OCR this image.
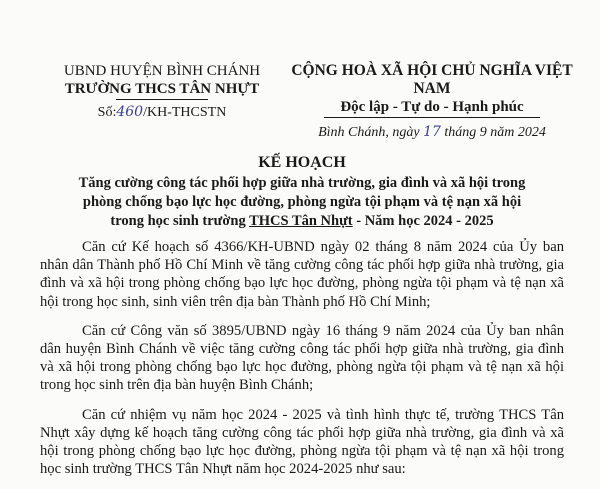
UBND HUYỆN BÌNH CHÁNH
TRƯỜNG THCS TÂN NHỰT
Số:460/KH-THCSTN
CỘNG HOÀ XÃ HỘI CHỦ NGHĨA VIỆT NAM
Độc lập - Tự do - Hạnh phúc
Bình Chánh, ngày 17 tháng 9 năm 2024
KẾ HOẠCH
Tăng cường công tác phối hợp giữa nhà trường, gia đình và xã hội trong
phòng chống bạo lực học đường, phòng ngừa tội phạm và tệ nạn xã hội
trong học sinh trường THCS Tân Nhựt - Năm học 2024 - 2025

Căn cứ Kế hoạch số 4366/KH-UBND ngày 02 tháng 8 năm 2024 của Ủy ban nhân dân Thành phố Hồ Chí Minh về tăng cường công tác phối hợp giữa nhà trường, gia đình và xã hội trong phòng chống bạo lực học đường, phòng ngừa tội phạm và tệ nạn xã hội trong học sinh, sinh viên trên địa bàn Thành phố Hồ Chí Minh;

Căn cứ Công văn số 3895/UBND ngày 16 tháng 9 năm 2024 của Ủy ban nhân dân huyện Bình Chánh về việc tăng cường công tác phối hợp giữa nhà trường, gia đình và xã hội trong phòng chống bạo lực học đường, phòng ngừa tội phạm và tệ nạn xã hội trong học sinh trên địa bàn huyện Bình Chánh;

Căn cứ nhiệm vụ năm học 2024 - 2025 và tình hình thực tế, trường THCS Tân Nhựt xây dựng kế hoạch tăng cường công tác phối hợp giữa nhà trường, gia đình và xã hội trong phòng chống bạo lực học đường, phòng ngừa tội phạm và tệ nạn xã hội trong học sinh trường THCS Tân Nhựt năm học 2024-2025 như sau:
